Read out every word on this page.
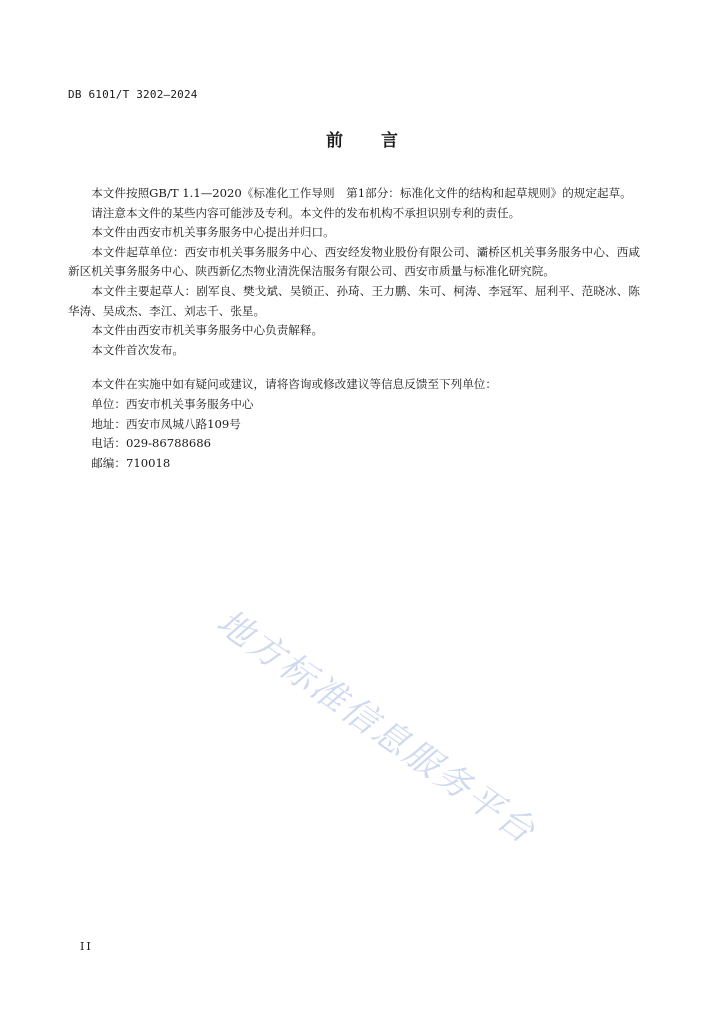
DB 6101/T 3202—2024
前言

本文件按照GB/T 1.1—2020《标准化工作导则　第1部分：标准化文件的结构和起草规则》的规定起草。

请注意本文件的某些内容可能涉及专利。本文件的发布机构不承担识别专利的责任。

本文件由西安市机关事务服务中心提出并归口。

本文件起草单位：西安市机关事务服务中心、西安经发物业股份有限公司、灞桥区机关事务服务中心、西咸新区机关事务服务中心、陕西新亿杰物业清洗保洁服务有限公司、西安市质量与标准化研究院。

本文件主要起草人：剧军良、樊戈斌、吴锁正、孙琦、王力鹏、朱可、柯涛、李冠军、屈利平、范晓冰、陈华涛、吴成杰、李江、刘志千、张星。

本文件由西安市机关事务服务中心负责解释。

本文件首次发布。

本文件在实施中如有疑问或建议，请将咨询或修改建议等信息反馈至下列单位：

单位：西安市机关事务服务中心

地址：西安市凤城八路109号

电话：029-86788686

邮编：710018

地方标准信息服务平台
II
